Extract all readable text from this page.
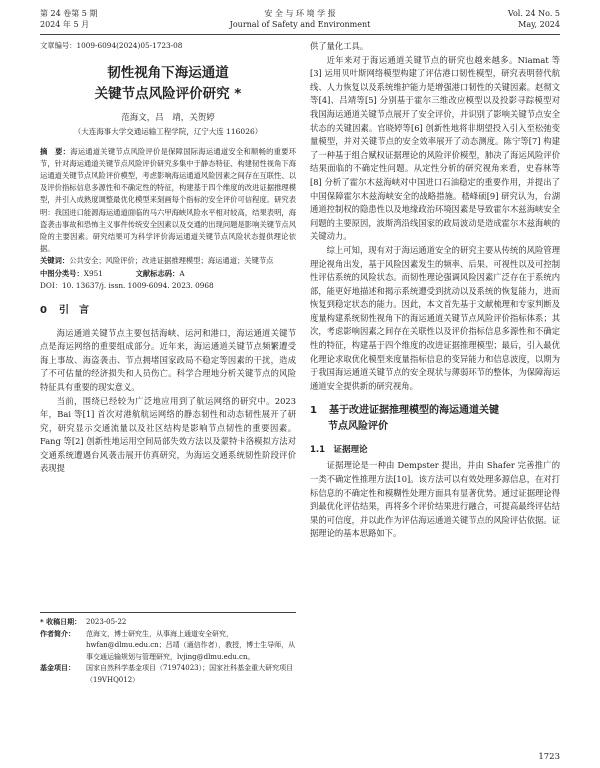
第 24 卷第 5 期
2024 年 5 月
安 全 与 环 境 学 报
Journal of Safety and Environment
Vol. 24 No. 5
May, 2024
文章编号：1009-6094(2024)05-1723-08
韧性视角下海运通道
关键节点风险评价研究 *
范海文，吕　靖，关贺婷
（大连海事大学交通运输工程学院，辽宁大连 116026）

摘　要：海运通道关键节点风险评价是保障国际海运通道安全和顺畅的重要环节，针对海运通道关键节点风险评价研究多集中于静态特征、构建韧性视角下海运通道关键节点风险评价模型，考虑影响海运通道风险因素之间存在互联性、以及评价指标信息多源性和不确定性的特征，构建基于四个维度的改进证据推理模型，并引入成熟度调整最优化模型来刻画每个指标的安全评价可信程度。研究表明：我国进口能源海运通道面临的马六甲海峡风险水平相对较高，结果表明，海盗袭击事故和恐怖主义事件传统安全因素以及交通的出现问题是影响关键节点风险的主要因素。研究结果可为科学评价海运通道关键节点风险状态提供理论依据。

关键词：公共安全；风险评价；改进证据推理模型；海运通道；关键节点

中图分类号：X951	文献标志码：A
DOI：10. 13637/j. issn. 1009-6094. 2023. 0968
0 引　言

海运通道关键节点主要包括海峡、运河和港口，海运通道关键节点是海运网络的重要组成部分。近年来，海运通道关键节点频繁遭受海上事故、海盗袭击、节点拥堵国家政局不稳定等因素的干扰，造成了不可估量的经济损失和人员伤亡。科学合理地分析关键节点的风险特征具有重要的现实意义。

当前，围绕已经较为广泛地应用到了航运网络的研究中。2023 年，Bai 等[1] 首次对港航航运网络的静态韧性和动态韧性展开了研究，研究显示交通流量以及社区结构是影响节点韧性的重要因素。Fang 等[2] 创新性地运用空间局部失效方法以及蒙特卡洛模拟方法对交通系统遭遇台风袭击展开仿真研究，为海运交通系统韧性阶段评价表现提

* 收稿日期： 2023-05-22
作者简介：	范海文，博士研究生，从事海上通道安全研究，hwfan@dlmu.edu.cn；吕靖（通信作者），教授，博士生导师，从事交通运输规划与管理研究，lvjing@dlmu.edu.cn。
基金项目：	国家自然科学基金项目（71974023）；国家社科基金重大研究项目（19VHQ012）

供了量化工具。

近年来对于海运通道关键节点的研究也越来越多。Niamat 等[3] 运用贝叶斯网络模型构建了评估港口韧性模型，研究表明替代航线、人力恢复以及系统维护能力是增强港口韧性的关键因素。赵彻文等[4]、吕靖等[5] 分别基于霍尔三维改应模型以及投影寻踪模型对我国海运通道关键节点展开了安全评价，并识别了影响关键节点安全状态的关键因素。官晓婷等[6] 创新性地将非期望投入引入至松弛变量模型，并对关键节点的安全效率展开了动态测度。陈宁等[7] 构建了一种基于组合赋权证据理论的风险评价模型，肺决了海运风险评价结果面临的不确定性问题。从定性分析的研究视角来看，史春林等[8] 分析了霍尔木兹海峡对中国进口石油稳定的重要作用，并提出了中国保障霍尔木兹海峡安全的战略措施。嵇峰硕[9] 研究认为，台湖通道控制权的隐患性以及地缘政治环境因素是导致霍尔木兹海峡安全问题的主要原因，波斯湾沿线国家的政局波动是造成霍尔木兹海峡的关键动力。

综上可知，现有对于海运通道安全的研究主要从传统的风险管理理论视角出发，基于风险因素发生的频率、后果、可视性以及可控制性评估系统的风险状态。而韧性理论强调风险因素广泛存在于系统内部，能更好地描述和揭示系统遭受到扰动以及系统的恢复能力，进而恢复到稳定状态的能力。因此，本文首先基于文献梳理和专家判断及度量构建系统韧性视角下的海运通道关键节点风险评价指标体系；其次，考虑影响因素之间存在关联性以及评价指标信息多源性和不确定性的特征，构建基于四个维度的改进证据推理模型；最后，引入最优化理论求取优化模型来度量指标信息的变异能力和信息波度，以期为于我国海运通道关键节点的安全现状与薄弱环节的整体，为保障海运通道安全提供新的研究视角。

1 基于改进证据推理模型的海运通道关键
节点风险评价
1.1　证据理论

证据理论是一种由 Dempster 提出，并由 Shafer 完善推广的一类不确定性推理方法[10]。该方法可以有效处理多源信息，在对打标信息的不确定性和模糊性处理方面具有显著优势。通过证据理论得到最优化评估结果，再将多个评价结果进行融合，可提高最终评估结果的可信度，并以此作为评估海运通道关键节点的风险评估依据。证据理论的基本思路如下。

1723
